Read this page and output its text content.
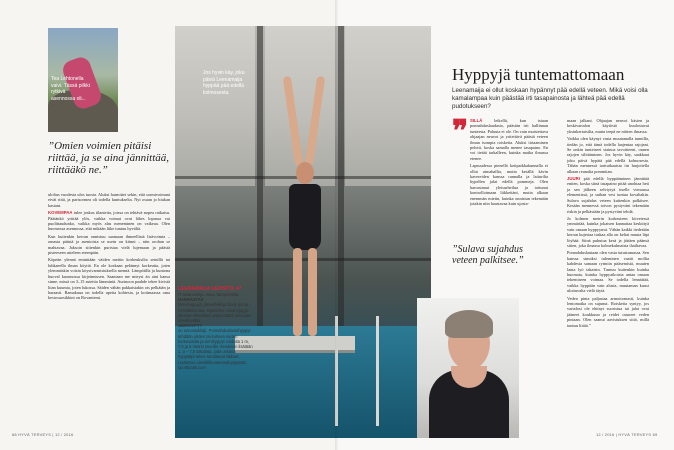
Tea Lehtonella vaivi. Tässä pilkki rytkivä asennossa oli...
”Omien voimien pitäisi riittää, ja se aina jännittää, riittääkö ne.”

uloltus vuodesta ulos tuosta. Aluksi harmittei sekin, että sormivoimani eivät riitä, ja parisormea oli todella kuntukselta. Nyt osaan jo hiukan kasiani.

KOVEMPAA tulee joskus tilanteita, joissa on tehtävä nopea ratkaisu. Päätänkö yrittää ylös, vaikka voimat ovat lähes lopussa vai puolittaudunko, vaikka myös alas meneminen on vaikeaa. Olen huomossa asennossa, että mikään liike tuntuu hyvältä.

Kun kuitenkin kerran onnistuu saamaan ihmeellistä lisävoimia – omasta päästä ja asentoista se usein on kiinni – niin orohan se mahtavaa. Jaksoin sittenkin puristaa vielä lujemaan ja päästä pisteeseen asteleen eteenpäin.

Köpeän ylennä eminttään väiden meitin korkeuksilta seinillä tai luhkaeella ilman köyttä. En ole koskaan pelännyt korkeutta, joten ylemmäskin voisin köysivarmistuksella mennä. Lämpötilla ja kuntona huoval kuonnossa kirjeinnissen. Saantaan me mieyst än aini kansa sinne, missä on 3–15 asteitta lämmintä. Aurinoon paahde tekee kivistä liian kuumia, joten lukossa. Säiden vähän pakkaisiakin ois pelkäiän ja haraasti. Ramakuua on todella upeita kohtesia, ja kotimaassa oma kestosuosikkini on Rovaniemi.

Jos hyvin käy, joku päivä Leenamaija hyppää pää edellä kolmosesta.
LEENAMAIJA LEPISTÖ, 47
IT-asiantuntija. Asuu Tampereella.
HARRASTAA
Uimahyppyjä, ylevurhelluja body pump -ryhmäliikuntaa. Opettelee uimahyppyjä Mianam Mutalkam pöyanolättä sekuiden ohentuvaltta.
UIMAHYPYT
on uonostukilají. Ponnahduslautohyppyt tehdään yhden tai kolmen metrin korkeudelta ja tornihyppyt voiduita 1 m, 7,5 ja 5 metrin tasoilla. Ilmaleinin lisätään 1, 3 – 7,5 takuitsta, joita uskana hyppääjä tekee taroittavat liikkeet.
Lisätietoa uimaliikkuuteemahyppyistä: sporttiraitti.com
68 HYVÄ TERVEYS | 12 / 2016
Hyppyjä tuntemattomaan
Leenamaija ei ollut koskaan hypännyt pää edellä veteen. Mikä voisi olla kamalampaa kuin päästää irti tasapainosta ja lähteä pää edellä pudotukseen?
❞ SILLÄ	leikellä, kun istuan ponnahduslaudasta, päästän irti hallinnan tunteesta. Paluuta ei ole. On vain muistettava ohjaajan neuvot ja yritettävä päästä veteen ilman isompia roiskeita. Aluksi iirtaaminen pelotti, koska samalla menee tasapaino. En voi tietää tarkalleen, kuinka matka ilmassa etenee.

Lapsuudessa pienellä kotipaikkakunnalla ei ollut uimahallia, mutta kesällä kävin kavereiden kanssa rannalla ja laiturilta hypellen jalat edellä pommeja. Olen harrastanut yleisurheilua ja tottunut kontrolloimaan liikkeitäni, mutta alkaan enemmän mietin, kuinka onnistun tekemään jotakin niin haastavaa kuin ujosta-

”Sulava sujahdus veteen palkitsee.”

maan jalkani. Ohjaajan neuvot käsien ja keskivartalon käytöstä kuulostavat yksinkertaisilta, mutta teepä ne niitten ilmassa.

Vaikka olen käynyt vasta muutamalla tunnilla, tiedän jo, että tämä todella laajentaa rajojani. Se onkin tunteiseet siainoa tavoitteeni, onnen rajojen silittäminen. Jos hyvin käy, saakkaat joku päivä hypätä pää edellä kolmosesta. Tähän mennessä tarttuikaatsta iin harjoitella alkaan reunalta pommitan.

JUURI pää edellä hyppääminen jännittää eniten, koska siinä tasapaino pitää unohtaa heti ja sen jälkeen selviytyä itselle vieraassa elementissä, ja suihan vesi tuntua kovaltakin. Sulava sujahdus veteen kuitenkin palkitsee. Kesään mennessä toivon pystyväni tekemään riskin ja pelkästään ja pystyväni tehdä.

Jo kolmen metrin korkeuteen kiivetessä ymmärtää, kuinka jokaisen kannattaa keskittyä vain omaan hyppyynsä. Vähän kaikki tiedetään kerran kujertaa tuskaa alla on keltai muuta läpi löyhää. Siinä puhutua kesä ja jättäen päänsä sitten, joka ilmassa kolmekulmaista ihailtavaa.

Ponnahduslautaan olen vasta tutustumassa. Sen kanssa sinuiksi tuleminen vaatii mollta kahdesta samaan rytmiin pääsemistä, muuten lauta lyö takaisin. Tuntuu kuitenkin kuinka huomata, kuinka hyppyaikoista antaa omaan tekemiseen voimaa. Se todella lennättää, vaikka hyppään vain alusta, muutaman kuusi ulottuvalta vielä täytä.

Veden pinta paljastaa armottomasti, kuinka lentomatka on sujunut. Roiskeita syntyy, jos vartalosi ole ehtinyt suoristua tai jalat ovat jääneet koukkuun ja reidet osuneet veden pintaan. Olen saanut aavistuksen siitä, millä tuntuu liitää.”

12 / 2016 | HYVÄ TERVEYS 69
